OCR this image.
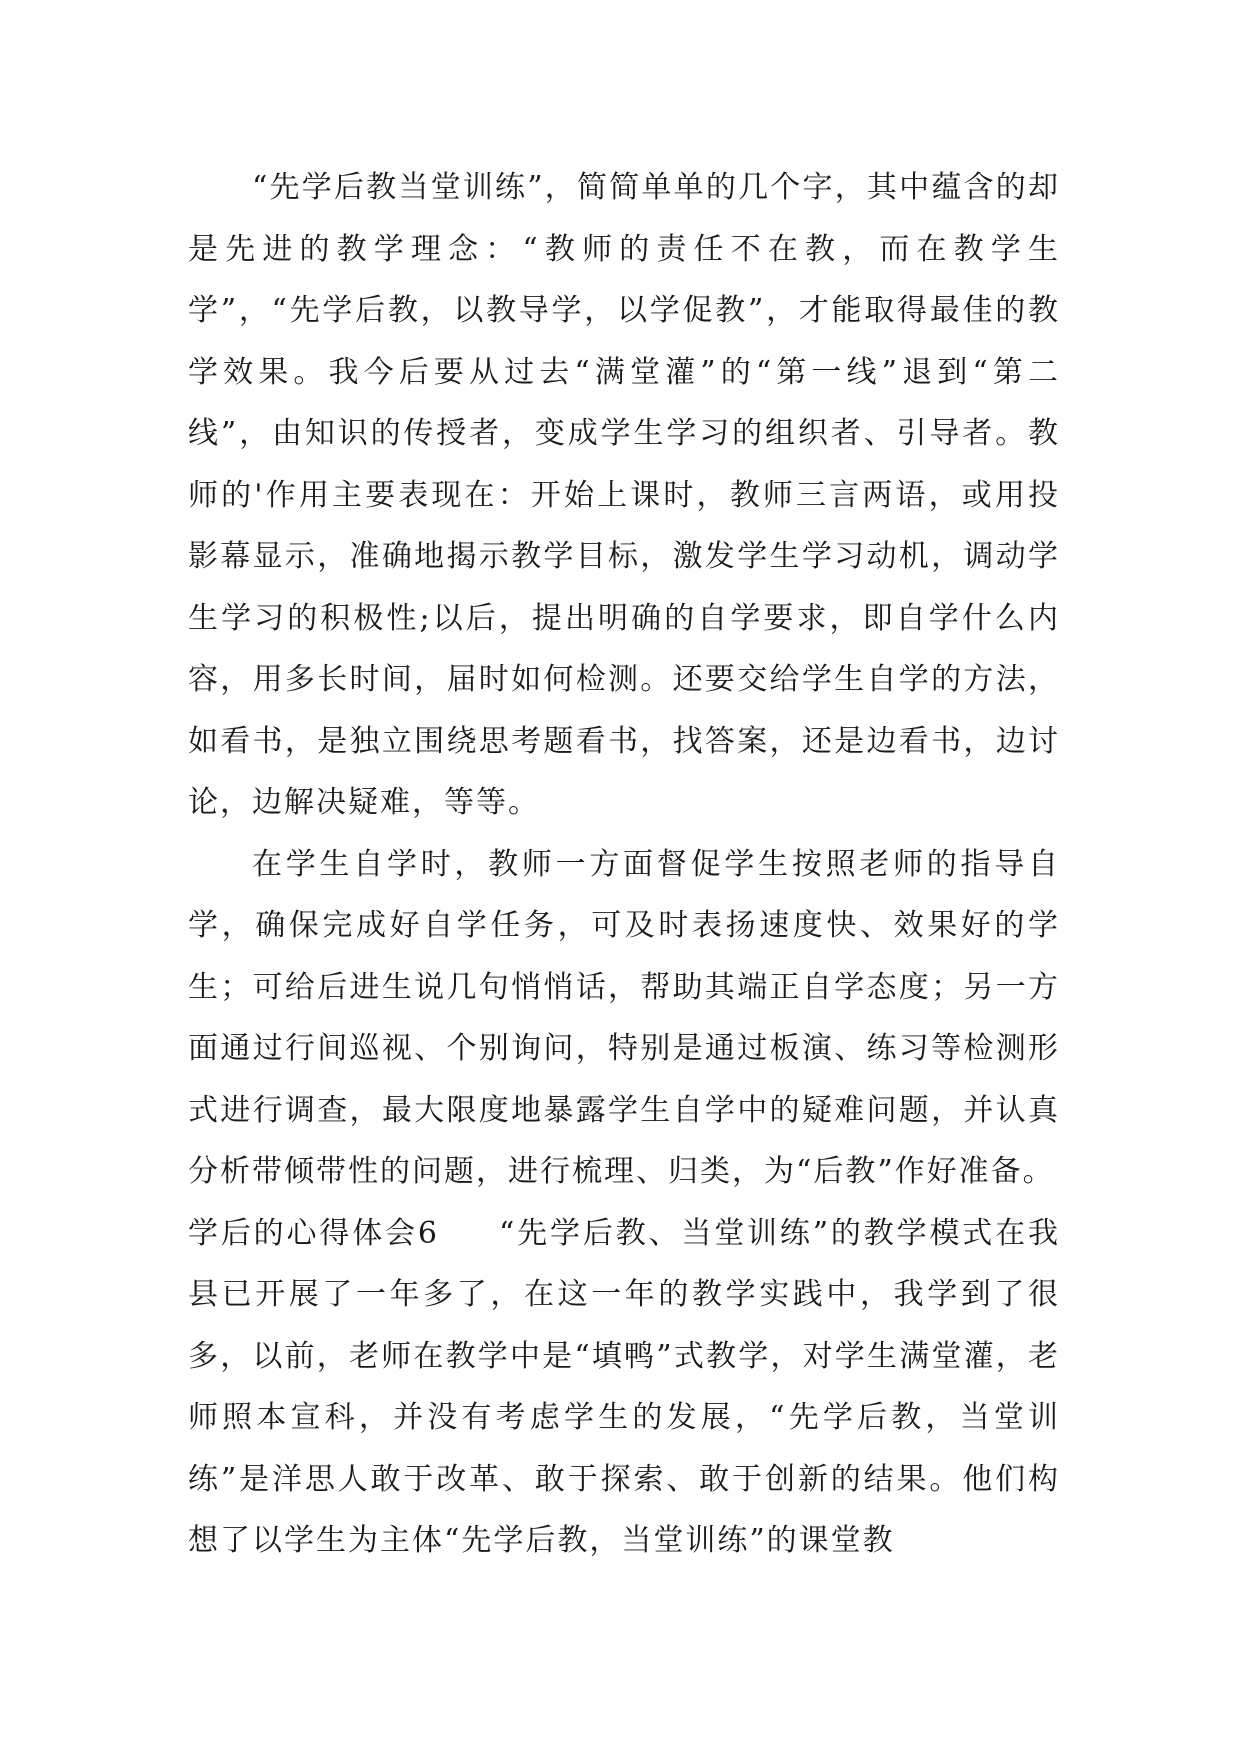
“先学后教当堂训练”，简简单单的几个字，其中蕴含的却是先进的教学理念：“教师的责任不在教，而在教学生学”，“先学后教，以教导学，以学促教”，才能取得最佳的教学效果。我今后要从过去“满堂灌”的“第一线”退到“第二线”，由知识的传授者，变成学生学习的组织者、引导者。教师的'作用主要表现在：开始上课时，教师三言两语，或用投影幕显示，准确地揭示教学目标，激发学生学习动机，调动学生学习的积极性;以后，提出明确的自学要求，即自学什么内容，用多长时间，届时如何检测。还要交给学生自学的方法，如看书，是独立围绕思考题看书，找答案，还是边看书，边讨论，边解决疑难，等等。

在学生自学时，教师一方面督促学生按照老师的指导自学，确保完成好自学任务，可及时表扬速度快、效果好的学生；可给后进生说几句悄悄话，帮助其端正自学态度；另一方面通过行间巡视、个别询问，特别是通过板演、练习等检测形式进行调查，最大限度地暴露学生自学中的疑难问题，并认真分析带倾带性的问题，进行梳理、归类，为“后教”作好准备。

学后的心得体会6 “先学后教、当堂训练”的教学模式在我县已开展了一年多了，在这一年的教学实践中，我学到了很多，以前，老师在教学中是“填鸭”式教学，对学生满堂灌，老师照本宣科，并没有考虑学生的发展，“先学后教，当堂训练”是洋思人敢于改革、敢于探索、敢于创新的结果。他们构想了以学生为主体“先学后教，当堂训练”的课堂教
